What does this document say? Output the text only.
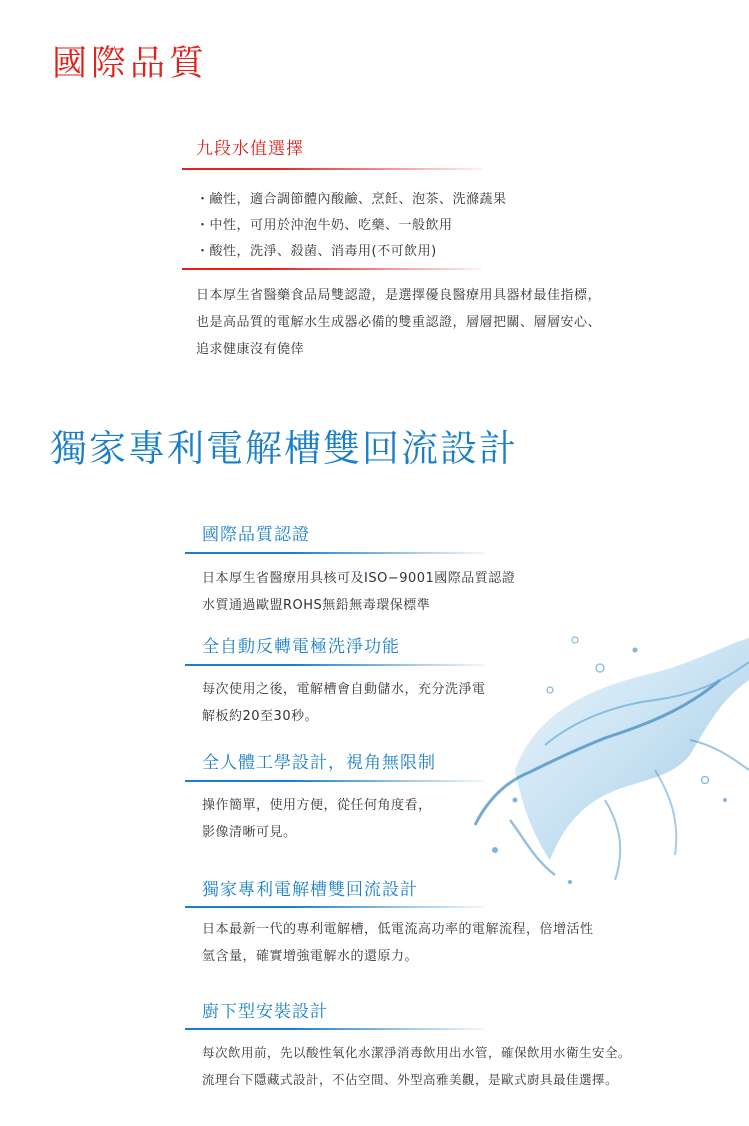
國際品質
九段水值選擇
・鹼性，適合調節體內酸鹼、烹飪、泡茶、洗滌蔬果
・中性，可用於沖泡牛奶、吃藥、一般飲用
・酸性，洗淨、殺菌、消毒用(不可飲用)
日本厚生省醫藥食品局雙認證，是選擇優良醫療用具器材最佳指標，
也是高品質的電解水生成器必備的雙重認證，層層把關、層層安心、
追求健康沒有僥倖
獨家專利電解槽雙回流設計
國際品質認證
日本厚生省醫療用具核可及ISO−9001國際品質認證
水質通過歐盟ROHS無鉛無毒環保標準
全自動反轉電極洗淨功能
每次使用之後，電解槽會自動儲水，充分洗淨電
解板約20至30秒。
全人體工學設計，視角無限制
操作簡單，使用方便，從任何角度看，
影像清晰可見。
獨家專利電解槽雙回流設計
日本最新一代的專利電解槽，低電流高功率的電解流程，倍增活性
氫含量，確實增強電解水的還原力。
廚下型安裝設計
每次飲用前，先以酸性氧化水潔淨消毒飲用出水管，確保飲用水衛生安全。
流理台下隱藏式設計，不佔空間、外型高雅美觀，是歐式廚具最佳選擇。
